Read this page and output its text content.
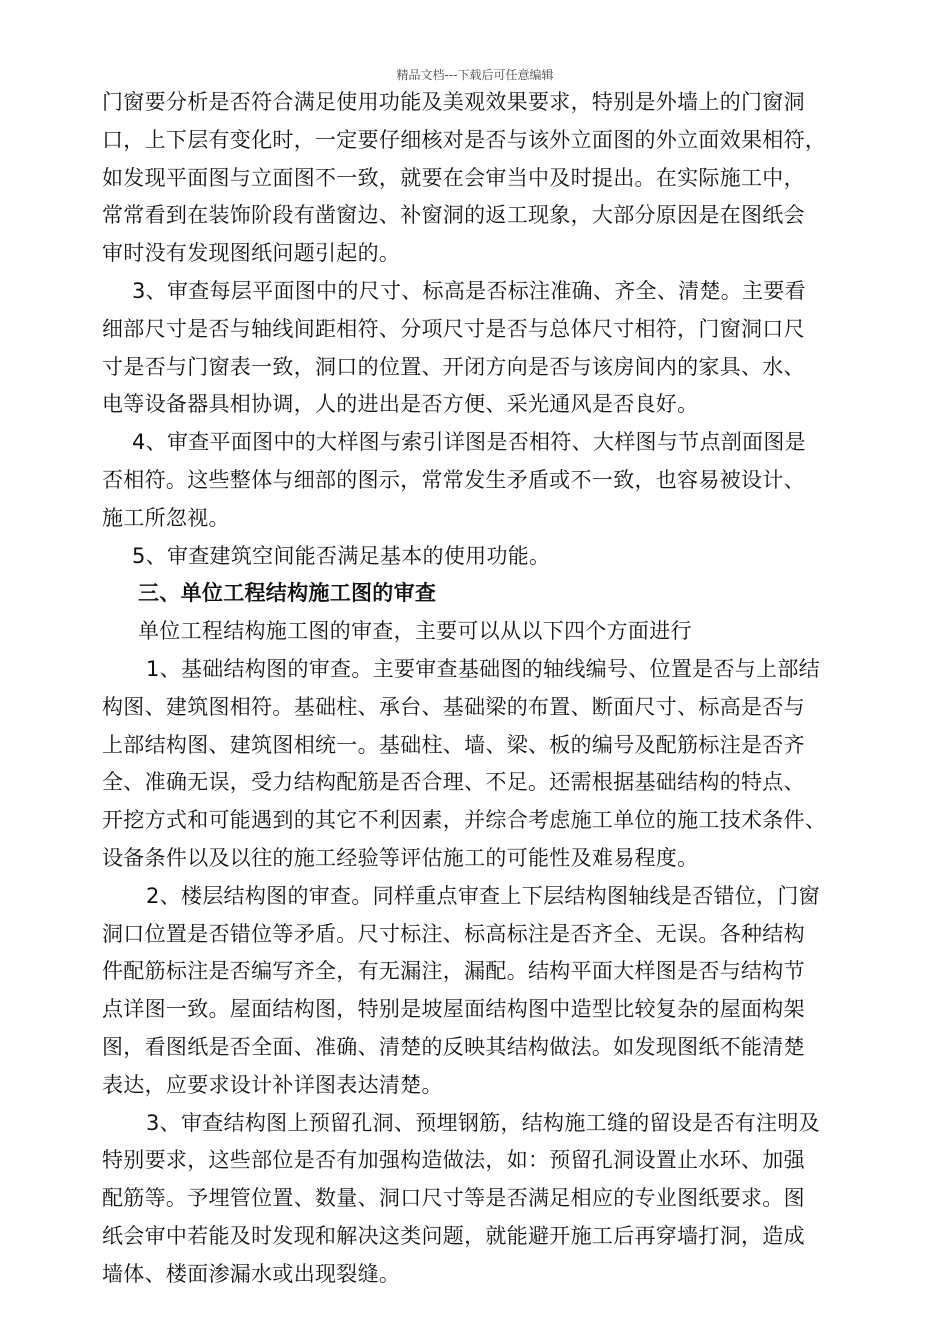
精品文档---下载后可任意编辑
门窗要分析是否符合满足使用功能及美观效果要求，特别是外墙上的门窗洞
口，上下层有变化时，一定要仔细核对是否与该外立面图的外立面效果相符，
如发现平面图与立面图不一致，就要在会审当中及时提出。在实际施工中，
常常看到在装饰阶段有凿窗边、补窗洞的返工现象，大部分原因是在图纸会
审时没有发现图纸问题引起的。
3、审查每层平面图中的尺寸、标高是否标注准确、齐全、清楚。主要看
细部尺寸是否与轴线间距相符、分项尺寸是否与总体尺寸相符，门窗洞口尺
寸是否与门窗表一致，洞口的位置、开闭方向是否与该房间内的家具、水、
电等设备器具相协调，人的进出是否方便、采光通风是否良好。
4、审查平面图中的大样图与索引详图是否相符、大样图与节点剖面图是
否相符。这些整体与细部的图示，常常发生矛盾或不一致，也容易被设计、
施工所忽视。
5、审查建筑空间能否满足基本的使用功能。
三、单位工程结构施工图的审查
单位工程结构施工图的审查，主要可以从以下四个方面进行
1、基础结构图的审查。主要审查基础图的轴线编号、位置是否与上部结
构图、建筑图相符。基础柱、承台、基础梁的布置、断面尺寸、标高是否与
上部结构图、建筑图相统一。基础柱、墙、梁、板的编号及配筋标注是否齐
全、准确无误，受力结构配筋是否合理、不足。还需根据基础结构的特点、
开挖方式和可能遇到的其它不利因素，并综合考虑施工单位的施工技术条件、
设备条件以及以往的施工经验等评估施工的可能性及难易程度。
2、楼层结构图的审查。同样重点审查上下层结构图轴线是否错位，门窗
洞口位置是否错位等矛盾。尺寸标注、标高标注是否齐全、无误。各种结构
件配筋标注是否编写齐全，有无漏注，漏配。结构平面大样图是否与结构节
点详图一致。屋面结构图，特别是坡屋面结构图中造型比较复杂的屋面构架
图，看图纸是否全面、准确、清楚的反映其结构做法。如发现图纸不能清楚
表达，应要求设计补详图表达清楚。
3、审查结构图上预留孔洞、预埋钢筋，结构施工缝的留设是否有注明及
特别要求，这些部位是否有加强构造做法，如：预留孔洞设置止水环、加强
配筋等。予埋管位置、数量、洞口尺寸等是否满足相应的专业图纸要求。图
纸会审中若能及时发现和解决这类问题，就能避开施工后再穿墙打洞，造成
墙体、楼面渗漏水或出现裂缝。
